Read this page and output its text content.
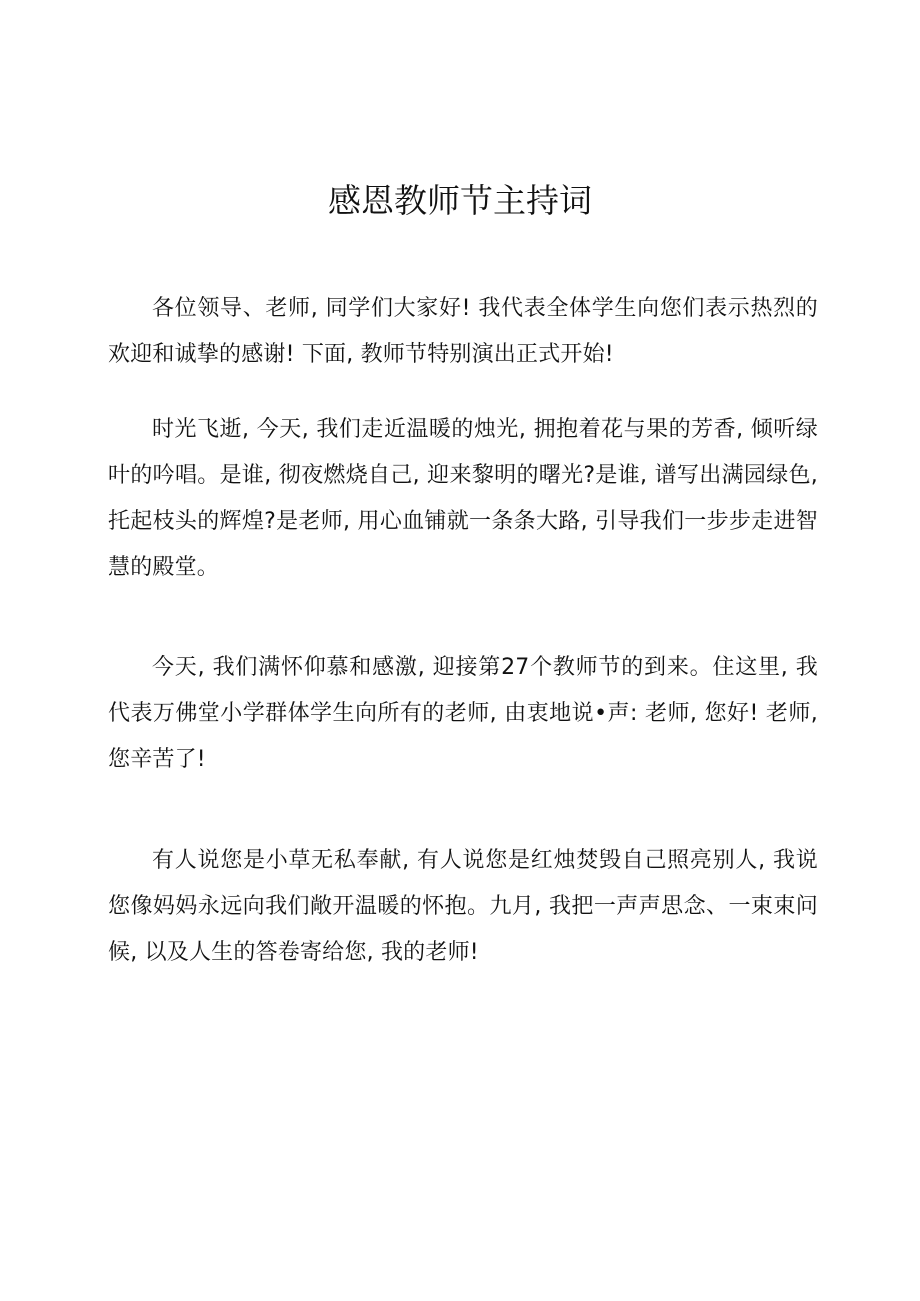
感恩教师节主持词

各位领导、老师, 同学们大家好! 我代表全体学生向您们表示热烈的欢迎和诚挚的感谢! 下面, 教师节特别演出正式开始!

时光飞逝, 今天, 我们走近温暖的烛光, 拥抱着花与果的芳香, 倾听绿叶的吟唱。是谁, 彻夜燃烧自己, 迎来黎明的曙光?是谁, 谱写出满园绿色, 托起枝头的辉煌?是老师, 用心血铺就一条条大路, 引导我们一步步走进智慧的殿堂。

今天, 我们满怀仰慕和感激, 迎接第27个教师节的到来。住这里, 我代表万佛堂小学群体学生向所有的老师, 由衷地说•声: 老师, 您好! 老师, 您辛苦了!

有人说您是小草无私奉献, 有人说您是红烛焚毁自己照亮别人, 我说您像妈妈永远向我们敞开温暖的怀抱。九月, 我把一声声思念、一束束问候, 以及人生的答卷寄给您, 我的老师!
